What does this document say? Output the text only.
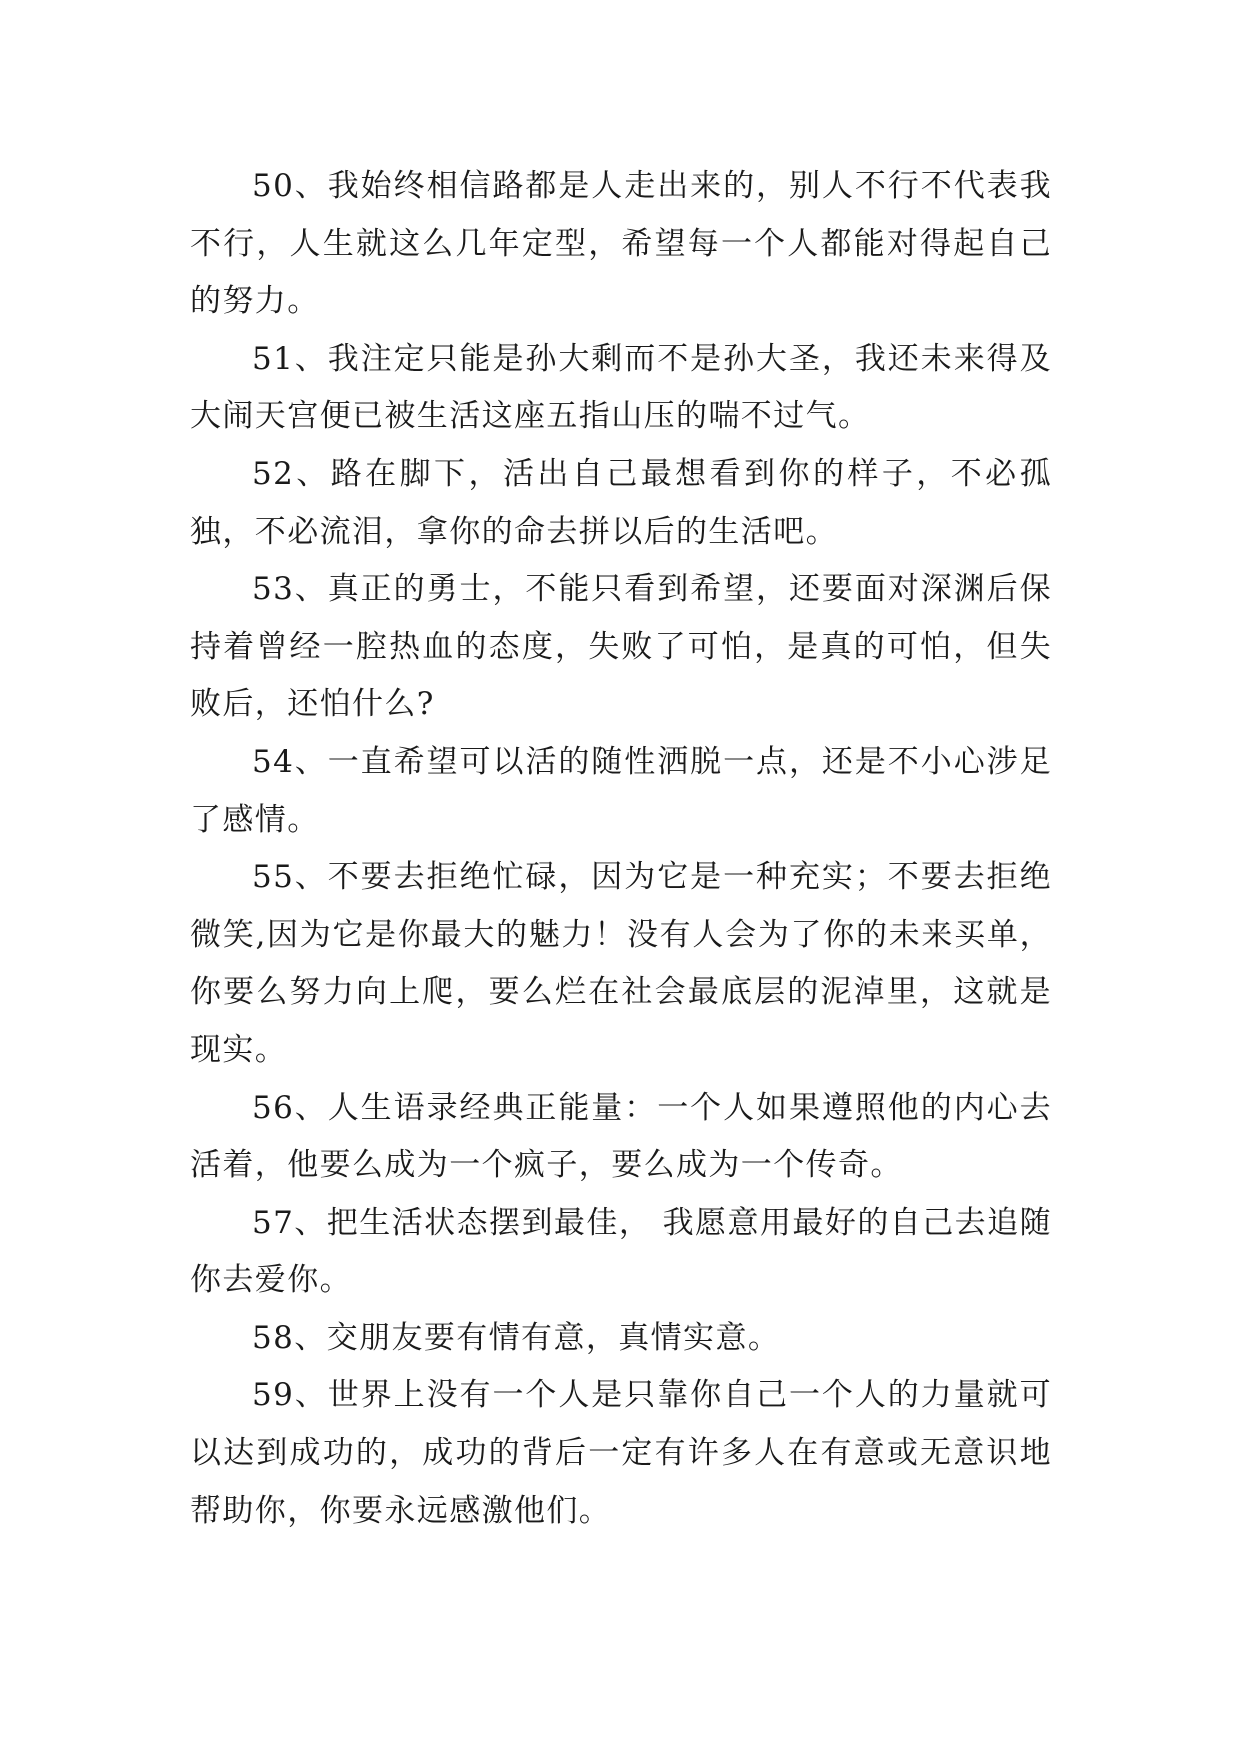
50、我始终相信路都是人走出来的，别人不行不代表我不行，人生就这么几年定型，希望每一个人都能对得起自己的努力。

51、我注定只能是孙大剩而不是孙大圣，我还未来得及大闹天宫便已被生活这座五指山压的喘不过气。

52、路在脚下，活出自己最想看到你的样子，不必孤独，不必流泪，拿你的命去拼以后的生活吧。

53、真正的勇士，不能只看到希望，还要面对深渊后保持着曾经一腔热血的态度，失败了可怕，是真的可怕，但失败后，还怕什么?

54、一直希望可以活的随性洒脱一点，还是不小心涉足了感情。

55、不要去拒绝忙碌，因为它是一种充实；不要去拒绝微笑,因为它是你最大的魅力！没有人会为了你的未来买单，你要么努力向上爬，要么烂在社会最底层的泥淖里，这就是现实。

56、人生语录经典正能量：一个人如果遵照他的内心去活着，他要么成为一个疯子，要么成为一个传奇。

57、把生活状态摆到最佳， 我愿意用最好的自己去追随你去爱你。

58、交朋友要有情有意，真情实意。

59、世界上没有一个人是只靠你自己一个人的力量就可以达到成功的，成功的背后一定有许多人在有意或无意识地帮助你，你要永远感激他们。
